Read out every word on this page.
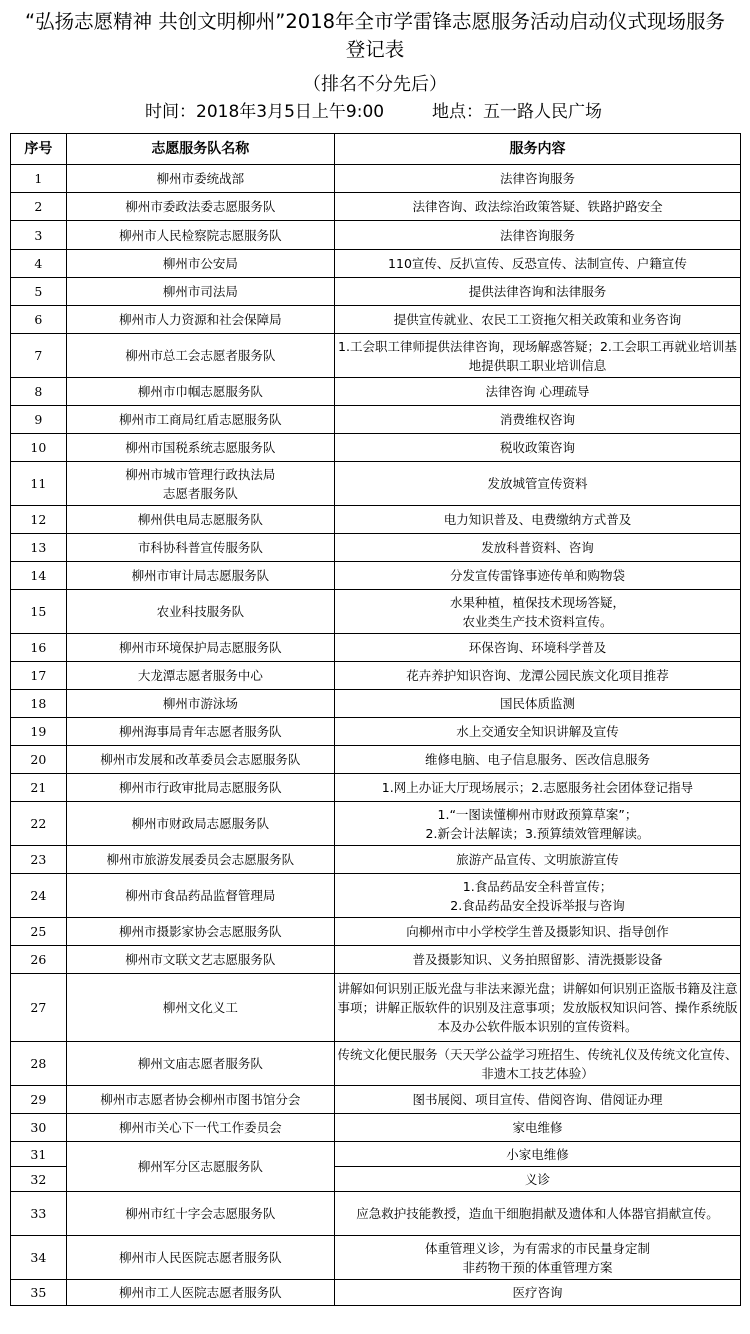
“弘扬志愿精神 共创文明柳州”2018年全市学雷锋志愿服务活动启动仪式现场服务
登记表
（排名不分先后）
时间：2018年3月5日上午9:00	地点：五一路人民广场
序号	志愿服务队名称	服务内容
1	柳州市委统战部	法律咨询服务
2	柳州市委政法委志愿服务队	法律咨询、政法综治政策答疑、铁路护路安全
3	柳州市人民检察院志愿服务队	法律咨询服务
4	柳州市公安局	110宣传、反扒宣传、反恐宣传、法制宣传、户籍宣传
5	柳州市司法局	提供法律咨询和法律服务
6	柳州市人力资源和社会保障局	提供宣传就业、农民工工资拖欠相关政策和业务咨询
7	柳州市总工会志愿者服务队	1.工会职工律师提供法律咨询，现场解惑答疑；2.工会职工再就业培训基地提供职工职业培训信息
8	柳州市巾帼志愿服务队	法律咨询 心理疏导
9	柳州市工商局红盾志愿服务队	消费维权咨询
10	柳州市国税系统志愿服务队	税收政策咨询
11	柳州市城市管理行政执法局
志愿者服务队	发放城管宣传资料
12	柳州供电局志愿服务队	电力知识普及、电费缴纳方式普及
13	市科协科普宣传服务队	发放科普资料、咨询
14	柳州市审计局志愿服务队	分发宣传雷锋事迹传单和购物袋
15	农业科技服务队	水果种植，植保技术现场答疑，
农业类生产技术资料宣传。

16	柳州市环境保护局志愿服务队	环保咨询、环境科学普及
17	大龙潭志愿者服务中心	花卉养护知识咨询、龙潭公园民族文化项目推荐
18	柳州市游泳场	国民体质监测
19	柳州海事局青年志愿者服务队	水上交通安全知识讲解及宣传
20	柳州市发展和改革委员会志愿服务队	维修电脑、电子信息服务、医改信息服务
21	柳州市行政审批局志愿服务队	1.网上办证大厅现场展示；2.志愿服务社会团体登记指导
22	柳州市财政局志愿服务队	1.“一图读懂柳州市财政预算草案”；
2.新会计法解读；3.预算绩效管理解读。

23	柳州市旅游发展委员会志愿服务队	旅游产品宣传、文明旅游宣传
24	柳州市食品药品监督管理局	1.食品药品安全科普宣传；
2.食品药品安全投诉举报与咨询

25	柳州市摄影家协会志愿服务队	向柳州市中小学校学生普及摄影知识、指导创作
26	柳州市文联文艺志愿服务队	普及摄影知识、义务拍照留影、清洗摄影设备
27	柳州文化义工	讲解如何识别正版光盘与非法来源光盘；讲解如何识别正盗版书籍及注意事项；讲解正版软件的识别及注意事项；发放版权知识问答、操作系统版本及办公软件版本识别的宣传资料。
28	柳州文庙志愿者服务队	传统文化便民服务（天天学公益学习班招生、传统礼仪及传统文化宣传、非遗木工技艺体验）
29	柳州市志愿者协会柳州市图书馆分会	图书展阅、项目宣传、借阅咨询、借阅证办理
30	柳州市关心下一代工作委员会	家电维修
31	柳州军分区志愿服务队	小家电维修
32		义诊
33	柳州市红十字会志愿服务队	应急救护技能教授，造血干细胞捐献及遗体和人体器官捐献宣传。
34	柳州市人民医院志愿者服务队	体重管理义诊，为有需求的市民量身定制
非药物干预的体重管理方案

35	柳州市工人医院志愿者服务队	医疗咨询
